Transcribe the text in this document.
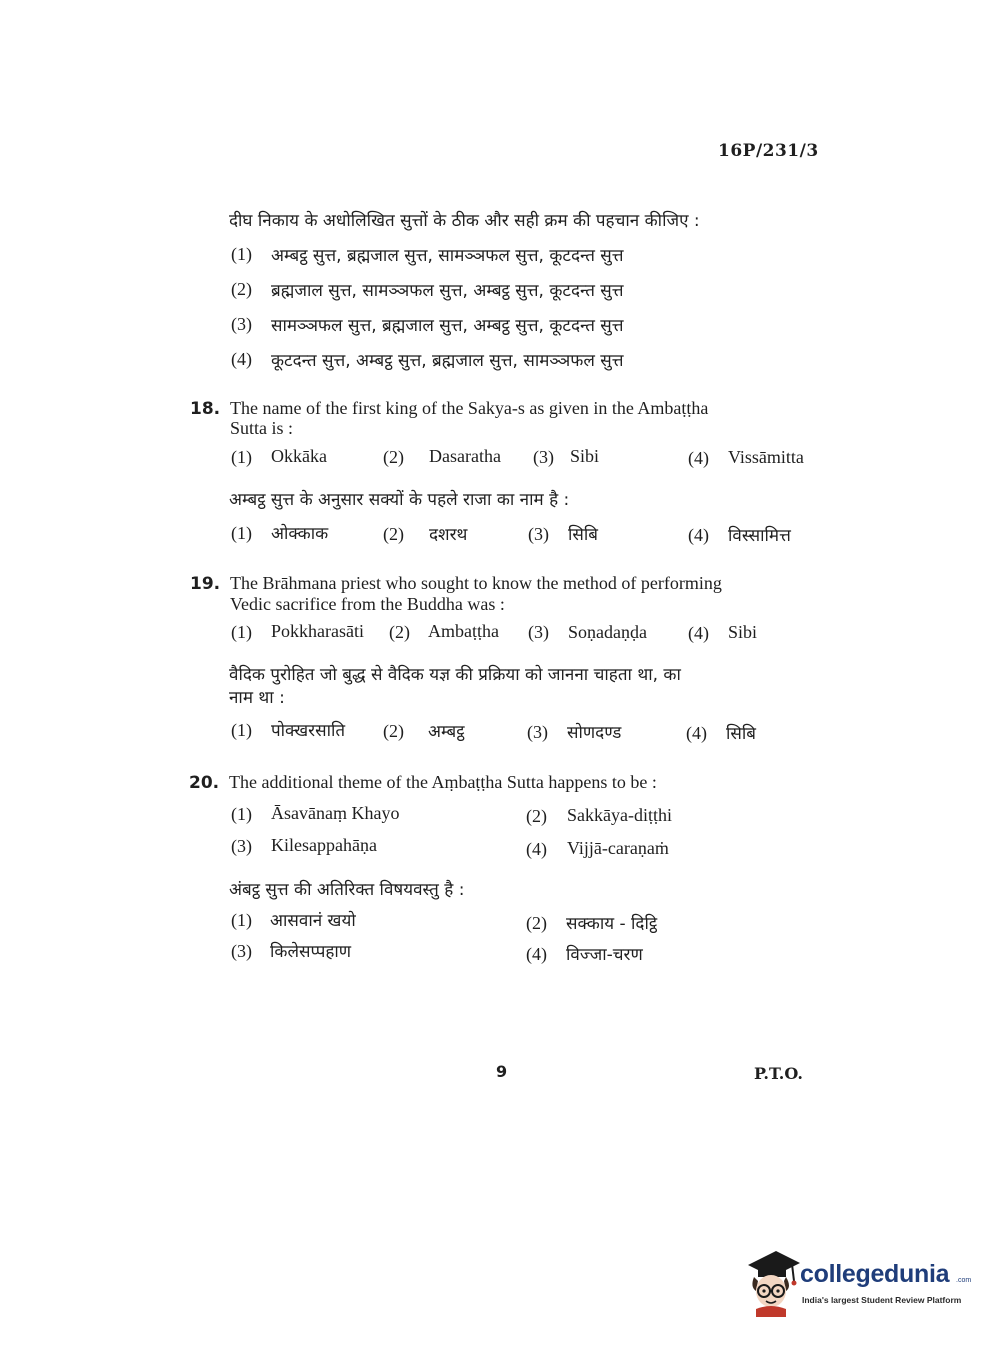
16P/231/3
दीघ निकाय के अधोलिखित सुत्तों के ठीक और सही क्रम की पहचान कीजिए :
(1) अम्बट्ठ सुत्त, ब्रह्मजाल सुत्त, सामञ्ञफल सुत्त, कूटदन्त सुत्त
(2) ब्रह्मजाल सुत्त, सामञ्ञफल सुत्त, अम्बट्ठ सुत्त, कूटदन्त सुत्त
(3) सामञ्ञफल सुत्त, ब्रह्मजाल सुत्त, अम्बट्ठ सुत्त, कूटदन्त सुत्त
(4) कूटदन्त सुत्त, अम्बट्ठ सुत्त, ब्रह्मजाल सुत्त, सामञ्ञफल सुत्त
18. The name of the first king of the Sakya-s as given in the Ambaṭṭha
Sutta is :
(1) Okkāka	(2) Dasaratha (3) Sibi	(4) Vissāmitta
अम्बट्ठ सुत्त के अनुसार सक्यों के पहले राजा का नाम है :
(1) ओक्काक	(2) दशरथ	(3) सिबि	(4) विस्सामित्त
19. The Brāhmana priest who sought to know the method of performing
Vedic sacrifice from the Buddha was :
(1) Pokkharasāti (2) Ambaṭṭha (3) Soṇadaṇḍa (4) Sibi
वैदिक पुरोहित जो बुद्ध से वैदिक यज्ञ की प्रक्रिया को जानना चाहता था, का
नाम था :
(1) पोक्खरसाति (2) अम्बट्ठ	(3) सोणदण्ड	(4) सिबि
20. The additional theme of the Aṃbaṭṭha Sutta happens to be :
(1) Āsavānaṃ Khayo	(2) Sakkāya-diṭṭhi
(3) Kilesappahāṇa	(4) Vijjā-caraṇaṁ
अंबट्ठ सुत्त की अतिरिक्त विषयवस्तु है :
(1) आसवानं खयो	(2) सक्काय - दिट्ठि
(3) किलेसप्पहाण	(4) विज्जा-चरण
9	P.T.O.
collegedunia .com
India's largest Student Review Platform
